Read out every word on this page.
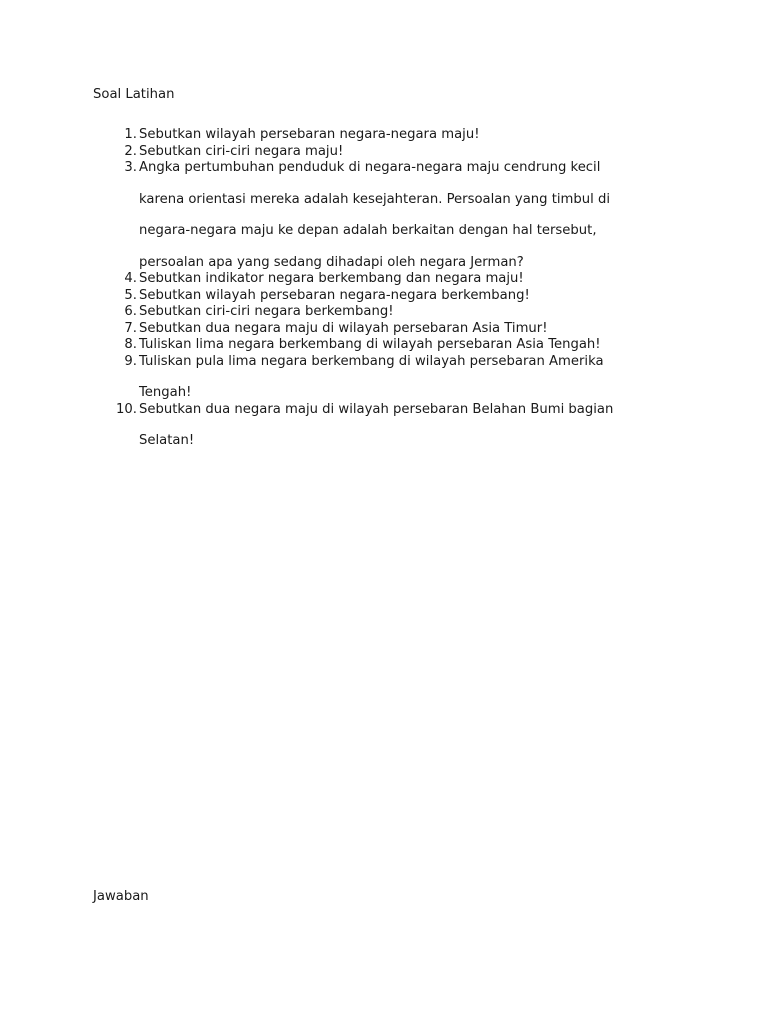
Soal Latihan
1. Sebutkan wilayah persebaran negara-negara maju!
2. Sebutkan ciri-ciri negara maju!
3. Angka pertumbuhan penduduk di negara-negara maju cendrung kecil
karena orientasi mereka adalah kesejahteran. Persoalan yang timbul di
negara-negara maju ke depan adalah berkaitan dengan hal tersebut,
persoalan apa yang sedang dihadapi oleh negara Jerman?
4. Sebutkan indikator negara berkembang dan negara maju!
5. Sebutkan wilayah persebaran negara-negara berkembang!
6. Sebutkan ciri-ciri negara berkembang!
7. Sebutkan dua negara maju di wilayah persebaran Asia Timur!
8. Tuliskan lima negara berkembang di wilayah persebaran Asia Tengah!
9. Tuliskan pula lima negara berkembang di wilayah persebaran Amerika
Tengah!
10. Sebutkan dua negara maju di wilayah persebaran Belahan Bumi bagian
Selatan!
Jawaban
